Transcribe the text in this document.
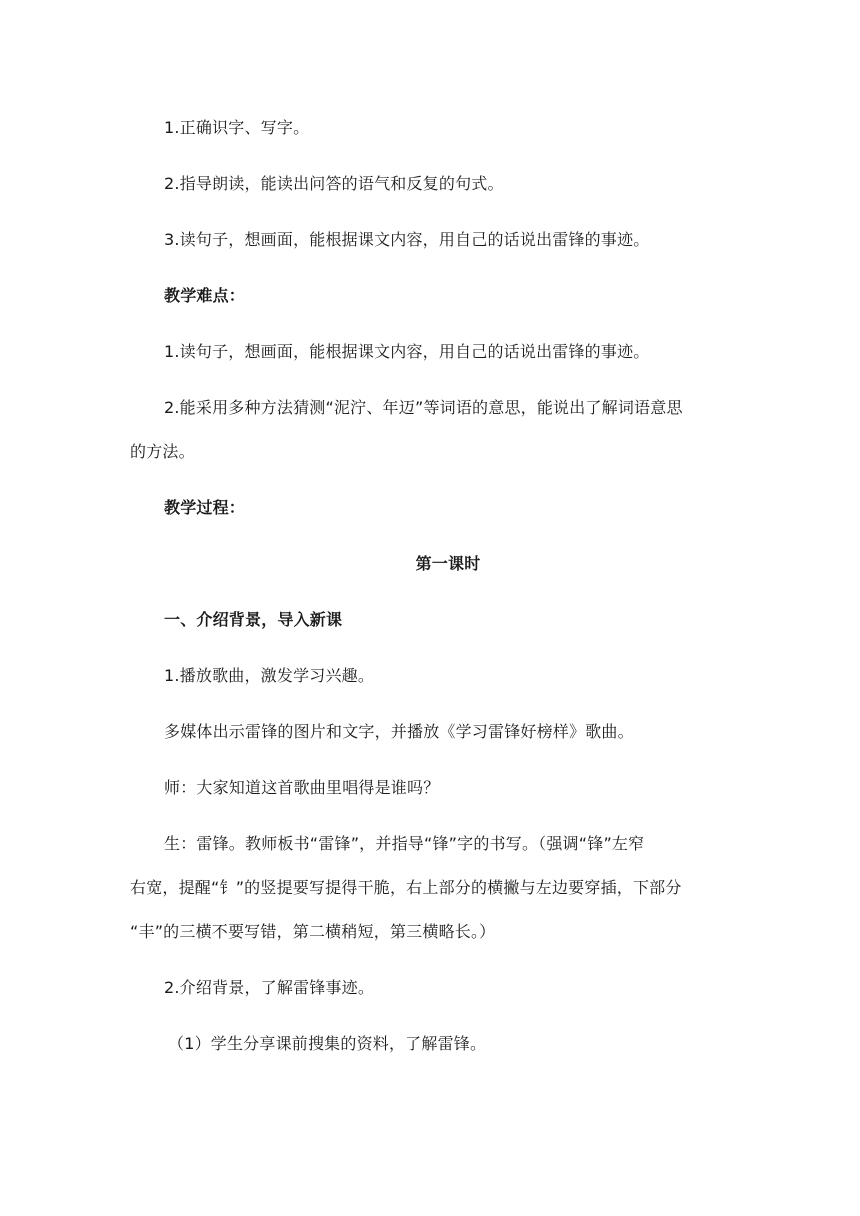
1.正确识字、写字。
2.指导朗读，能读出问答的语气和反复的句式。
3.读句子，想画面，能根据课文内容，用自己的话说出雷锋的事迹。
教学难点：
1.读句子，想画面，能根据课文内容，用自己的话说出雷锋的事迹。
2.能采用多种方法猜测“泥泞、年迈”等词语的意思，能说出了解词语意思
的方法。
教学过程：
第一课时
一、介绍背景，导入新课
1.播放歌曲，激发学习兴趣。
多媒体出示雷锋的图片和文字，并播放《学习雷锋好榜样》歌曲。
师：大家知道这首歌曲里唱得是谁吗？
生：雷锋。教师板书“雷锋”，并指导“锋”字的书写。（强调“锋”左窄
右宽，提醒“钅”的竖提要写提得干脆，右上部分的横撇与左边要穿插，下部分
“丰”的三横不要写错，第二横稍短，第三横略长。）
2.介绍背景，了解雷锋事迹。
（1）学生分享课前搜集的资料，了解雷锋。
